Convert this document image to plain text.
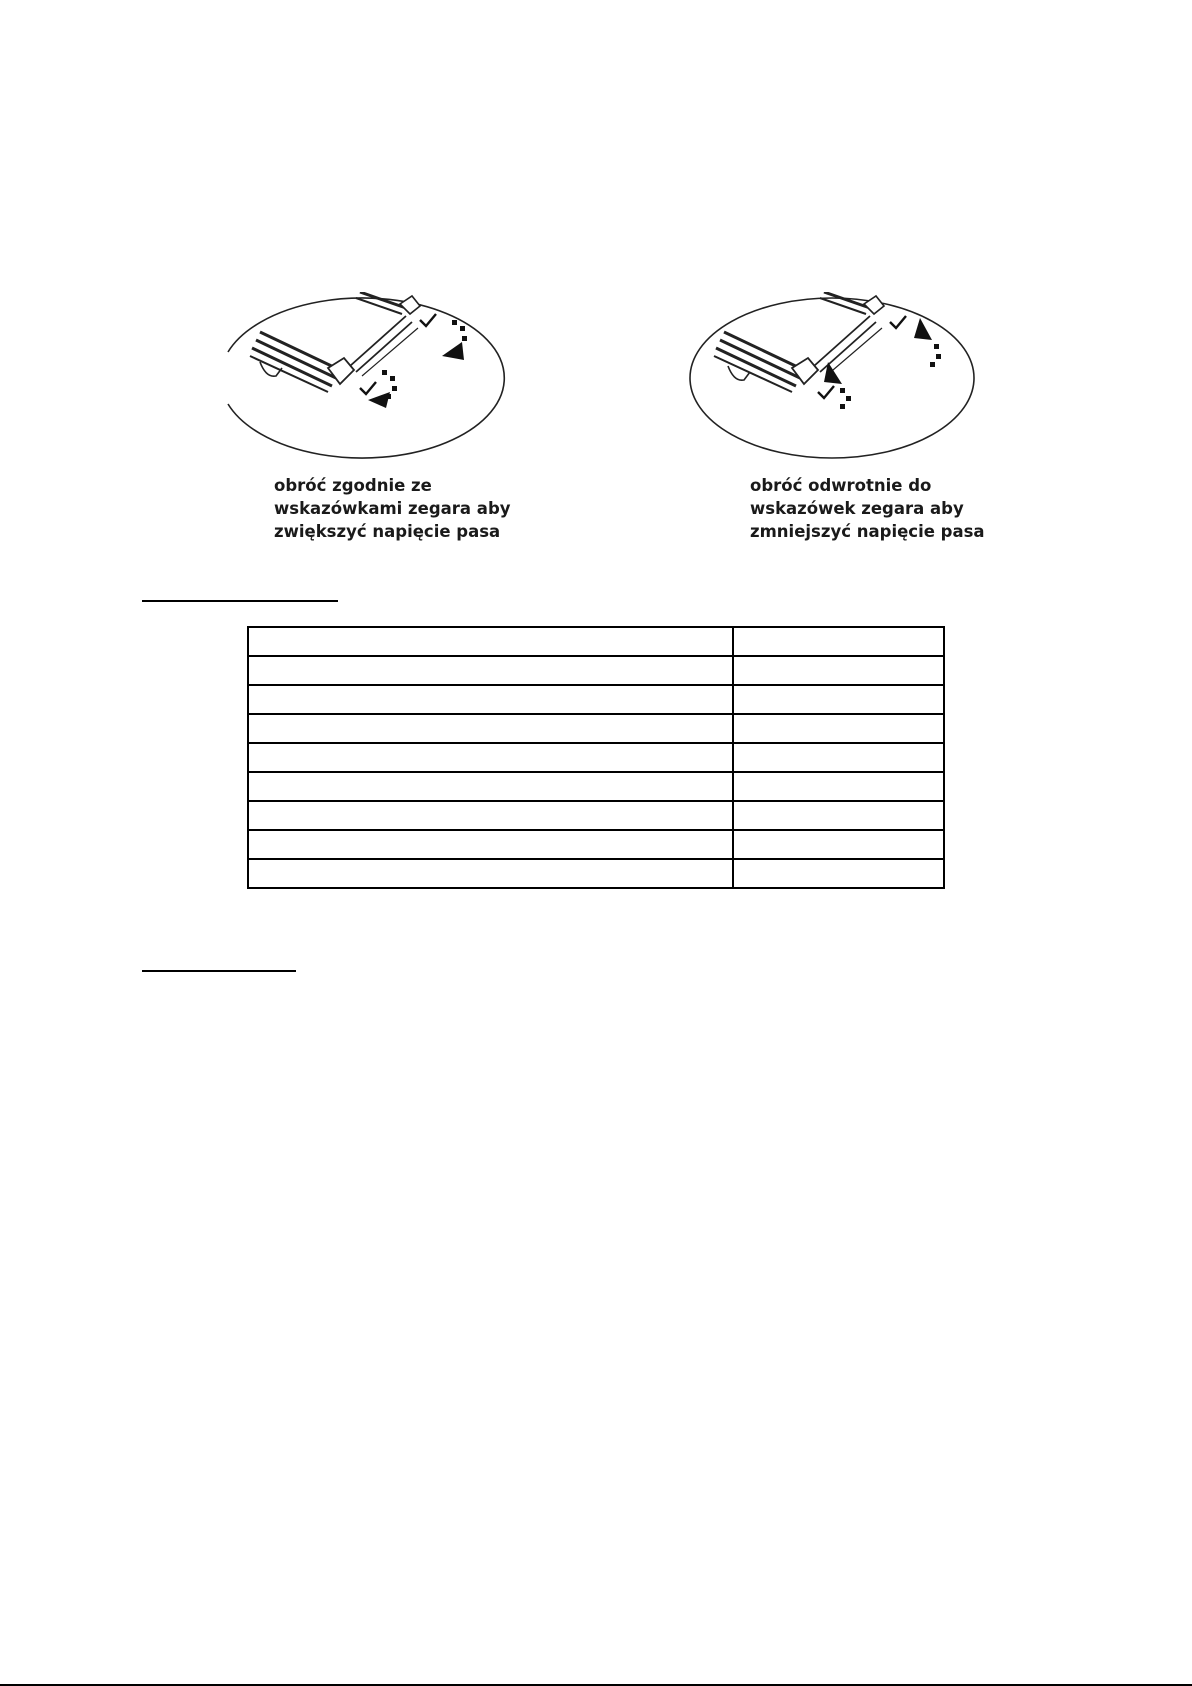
obróć zgodnie ze
wskazówkami zegara aby
zwiększyć napięcie pasa

obróć odwrotnie do
wskazówek zegara aby
zmniejszyć napięcie pasa
